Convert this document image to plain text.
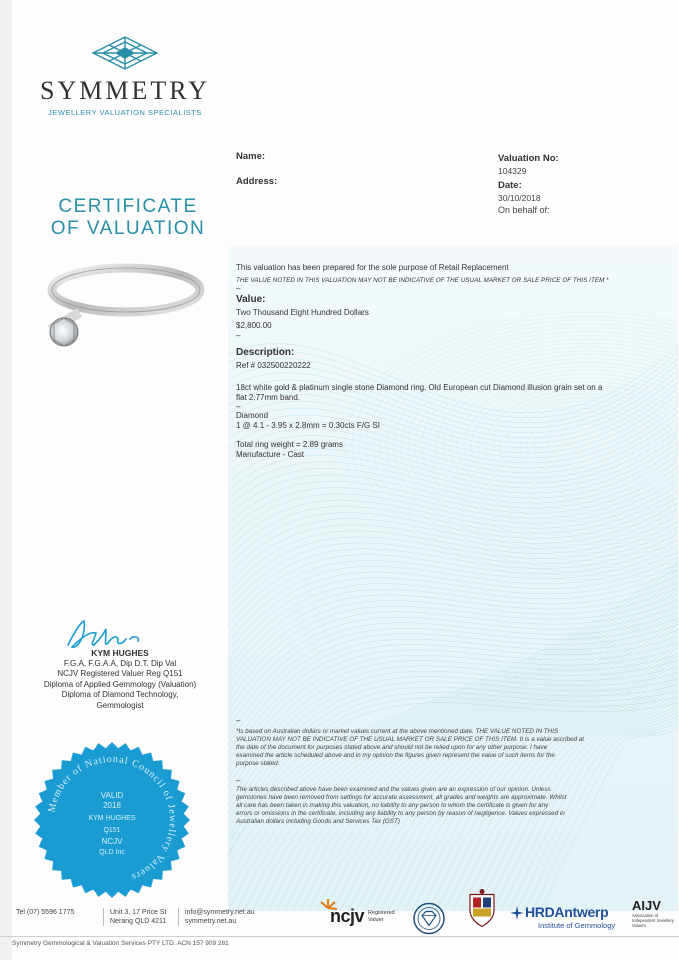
SYMMETRY
JEWELLERY VALUATION SPECIALISTS
CERTIFICATE
OF VALUATION
Name:
Address:
Valuation No:
104329
Date:
30/10/2018
On behalf of:
This valuation has been prepared for the sole purpose of Retail Replacement
THE VALUE NOTED IN THIS VALUATION MAY NOT BE INDICATIVE OF THE USUAL MARKET OR SALE PRICE OF THIS ITEM *
–
Value:
Two Thousand Eight Hundred Dollars
$2,800.00
–
Description:
Ref # 032500220222
18ct white gold & platinum single stone Diamond ring. Old European cut Diamond illusion grain set on a
flat 2.77mm band.
–
Diamond
1 @ 4.1 - 3.95 x 2.8mm = 0.30cts F/G SI
Total ring weight = 2.89 grams
Manufacture - Cast
–
*Is based on Australian dollars or market values current at the above mentioned date. THE VALUE NOTED IN THIS
VALUATION MAY NOT BE INDICATIVE OF THE USUAL MARKET OR SALE PRICE OF THIS ITEM. It is a value ascribed at
the date of the document for purposes stated above and should not be relied upon for any other purpose. I have
examined the article scheduled above and in my opinion the figures given represent the value of such items for the
purpose stated.
–
The articles described above have been examined and the values given are an expression of our opinion. Unless
gemstones have been removed from settings for accurate assessment, all grades and weights are approximate. Whilst
all care has been taken in making this valuation, no liability to any person to whom the certificate is given for any
errors or omissions in the certificate, including any liability to any person by reason of negligence. Values expressed in
Australian dollars including Goods and Services Tax (GST)
KYM HUGHES
F.G.A, F.G.A.A, Dip D.T. Dip Val
NCJV Registered Valuer Reg Q151
Diploma of Applied Gemmology (Valuation)
Diploma of Diamond Technology,
Gemmologist
Member of National Council of Jewellery Valuers
VALID
2018
KYM HUGHES
Q151
NCJV
QLD Inc
Tel (07) 5596 1775	Unit 3, 17 Price St
Nerang QLD 4211
info@symmetry.net.au
symmetry.net.au	ncjv Registered
Valuer	HRDAntwerp
Institute of Gemmology
AIJV
Association of Independent Jewellery Valuers
Symmetry Gemmological & Valuation Services PTY LTD. ACN 157 909 281
